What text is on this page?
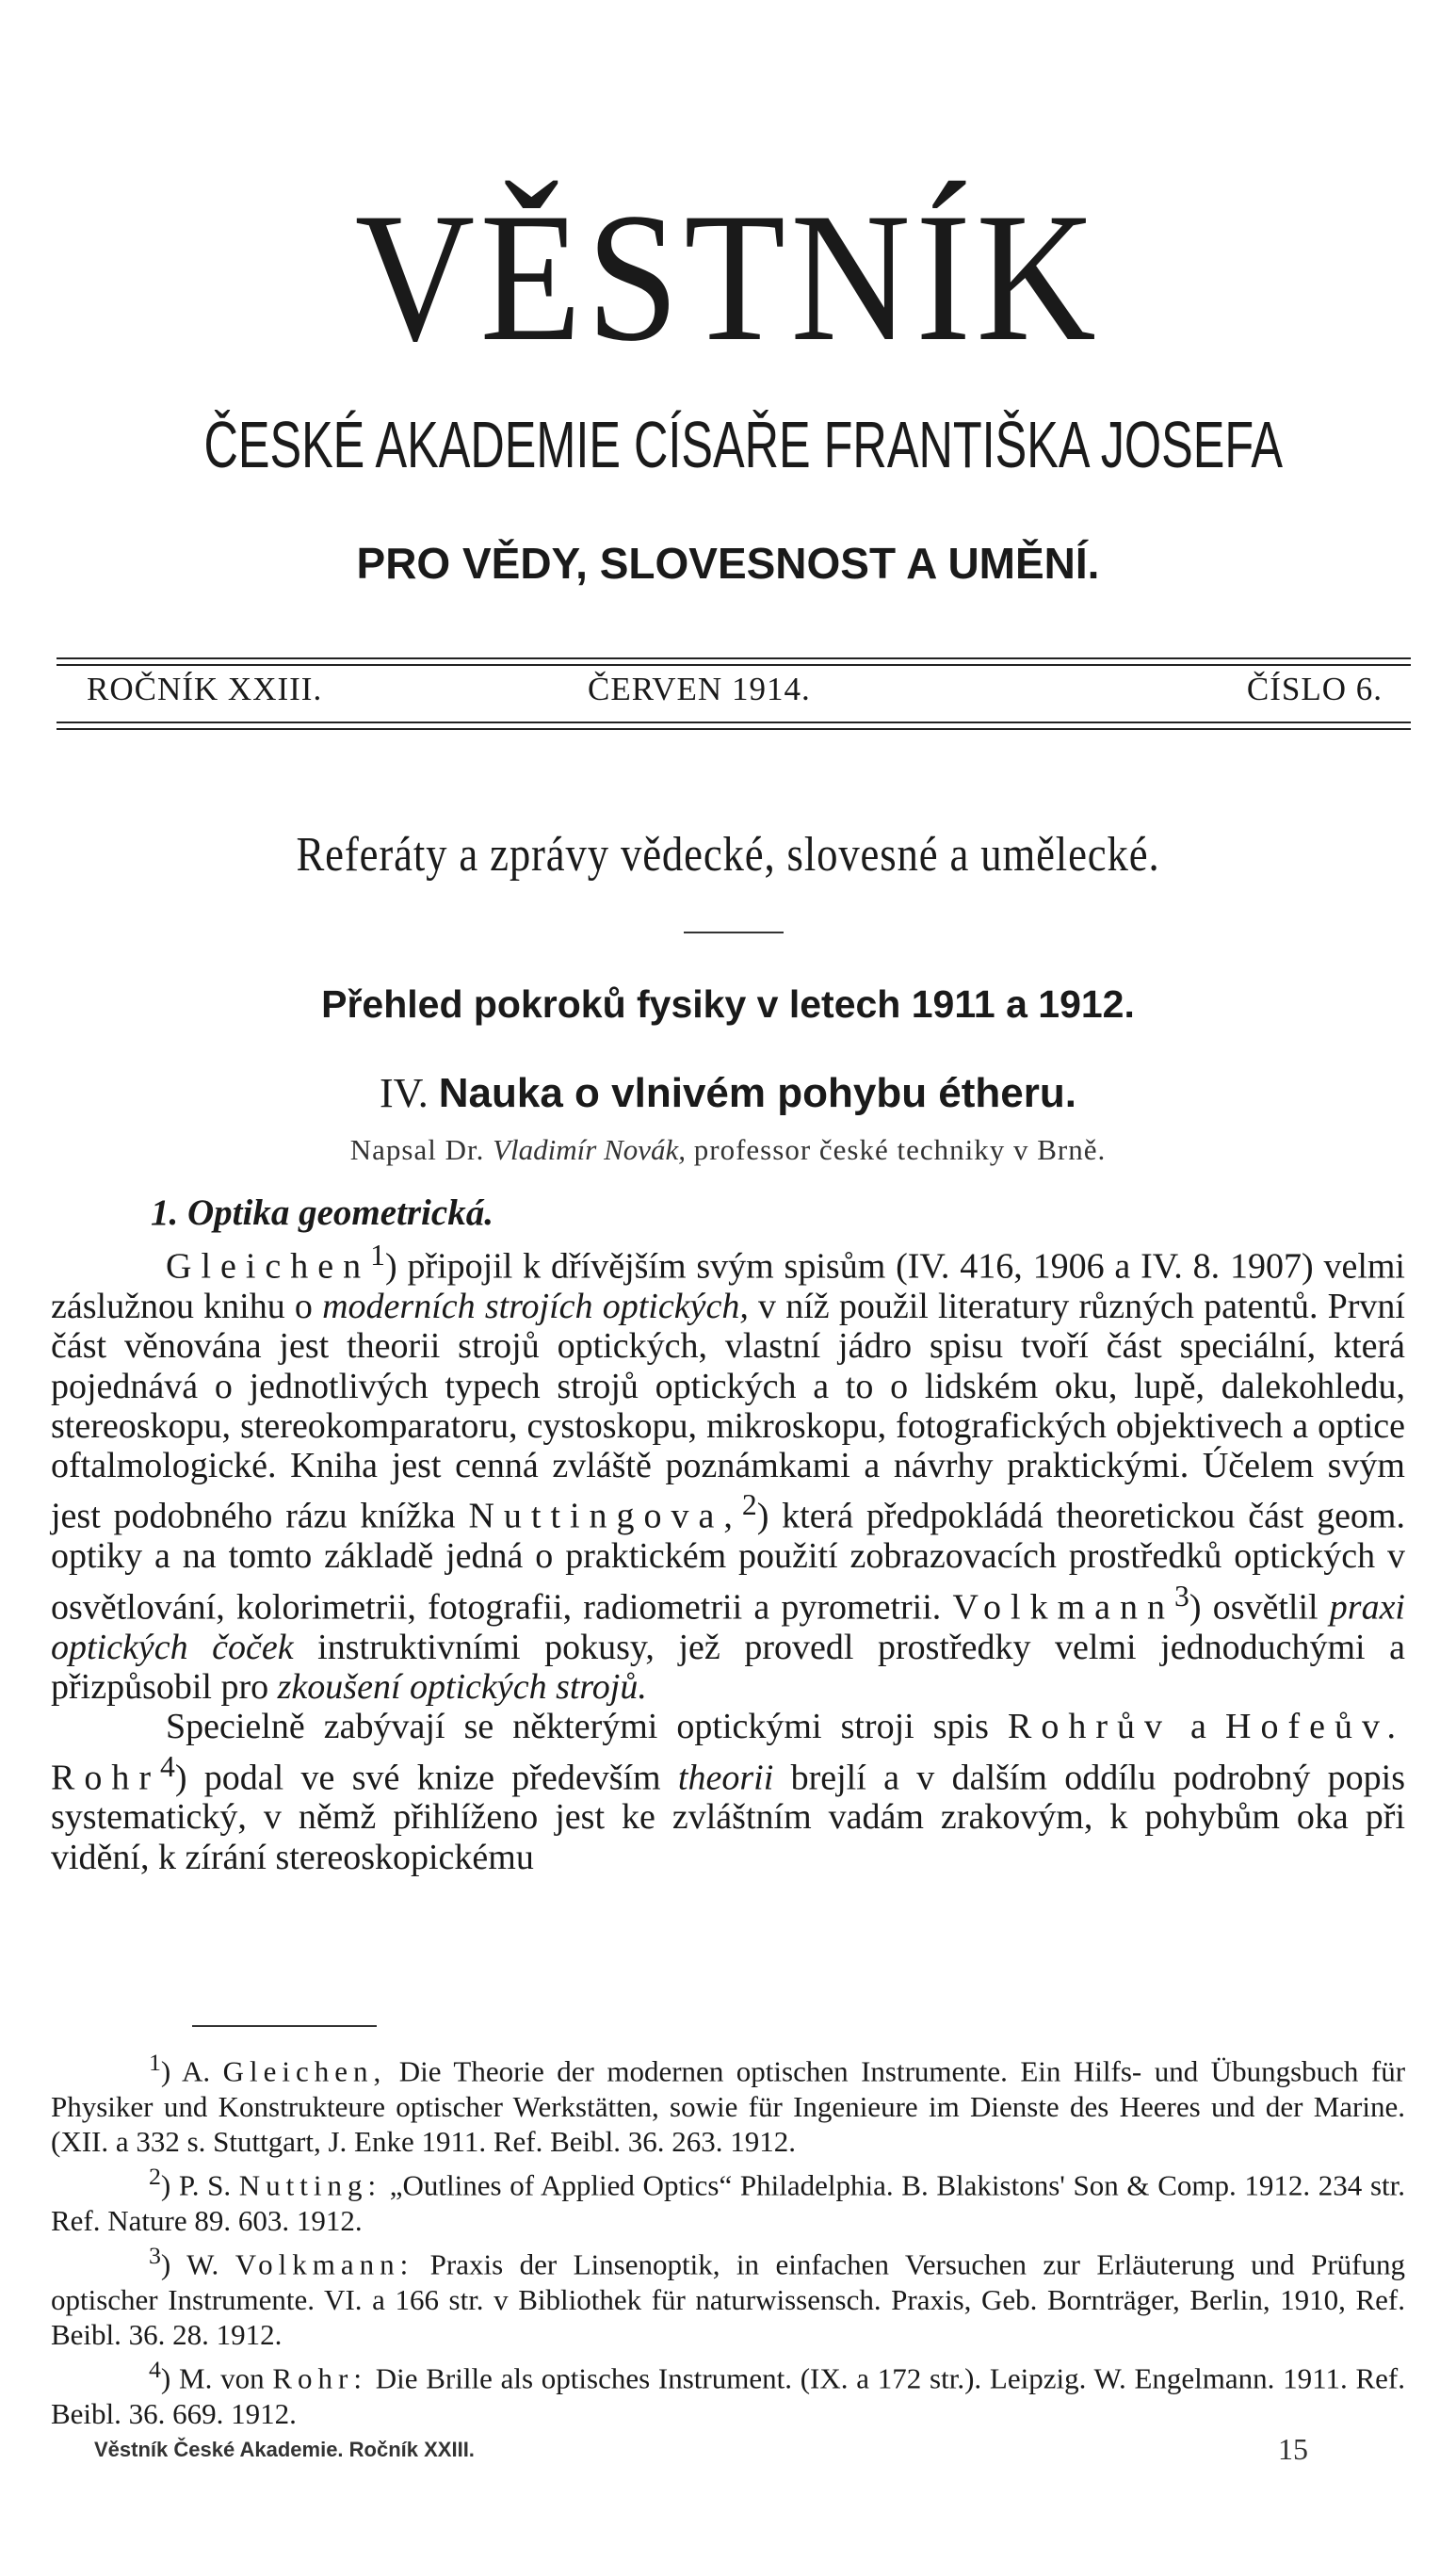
VĚSTNÍK
ČESKÉ AKADEMIE CÍSAŘE FRANTIŠKA JOSEFA
PRO VĚDY, SLOVESNOST A UMĚNÍ.
ROČNÍK XXIII.	ČERVEN 1914.	ČÍSLO 6.
Referáty a zprávy vědecké, slovesné a umělecké.
Přehled pokroků fysiky v letech 1911 a 1912.
IV. Nauka o vlnivém pohybu étheru.
Napsal Dr. Vladimír Novák, professor české techniky v Brně.
1. Optika geometrická.

Gleichen$^1$) připojil k dřívějším svým spisům (IV. 416, 1906 a IV. 8. 1907) velmi záslužnou knihu o moderních strojích optických, v níž použil literatury různých patentů. První část věnována jest theorii strojů optických, vlastní jádro spisu tvoří část speciální, která pojednává o jednotlivých typech strojů optických a to o lidském oku, lupě, dalekohledu, stereoskopu, stereokomparatoru, cystoskopu, mikroskopu, fotografických objektivech a optice oftalmologické. Kniha jest cenná zvláště poznámkami a návrhy praktickými. Účelem svým jest podobného rázu knížka Nuttingova,$^2$) která předpokládá theoretickou část geom. optiky a na tomto základě jedná o praktickém použití zobrazovacích prostředků optických v osvětlování, kolorimetrii, fotografii, radiometrii a pyrometrii. Volkmann$^3$) osvětlil praxi optických čoček instruktivními pokusy, jež provedl prostředky velmi jednoduchými a přizpůsobil pro zkoušení optických strojů.

Specielně zabývají se některými optickými stroji spis Rohrův a Hofeův. Rohr$^4$) podal ve své knize především theorii brejlí a v dalším oddílu podrobný popis systematický, v němž přihlíženo jest ke zvláštním vadám zrakovým, k pohybům oka při vidění, k zírání stereoskopickému

$^1$) A. Gleichen, Die Theorie der modernen optischen Instrumente. Ein Hilfs- und Übungsbuch für Physiker und Konstrukteure optischer Werkstätten, sowie für Ingenieure im Dienste des Heeres und der Marine. (XII. a 332 s. Stuttgart, J. Enke 1911. Ref. Beibl. 36. 263. 1912.

$^2$) P. S. Nutting: „Outlines of Applied Optics“ Philadelphia. B. Blakistons' Son & Comp. 1912. 234 str. Ref. Nature 89. 603. 1912.

$^3$) W. Volkmann: Praxis der Linsenoptik, in einfachen Versuchen zur Erläuterung und Prüfung optischer Instrumente. VI. a 166 str. v Bibliothek für naturwissensch. Praxis, Geb. Bornträger, Berlin, 1910, Ref. Beibl. 36. 28. 1912.

$^4$) M. von Rohr: Die Brille als optisches Instrument. (IX. a 172 str.). Leipzig. W. Engelmann. 1911. Ref. Beibl. 36. 669. 1912.

Věstník České Akademie. Ročník XXIII.	15
